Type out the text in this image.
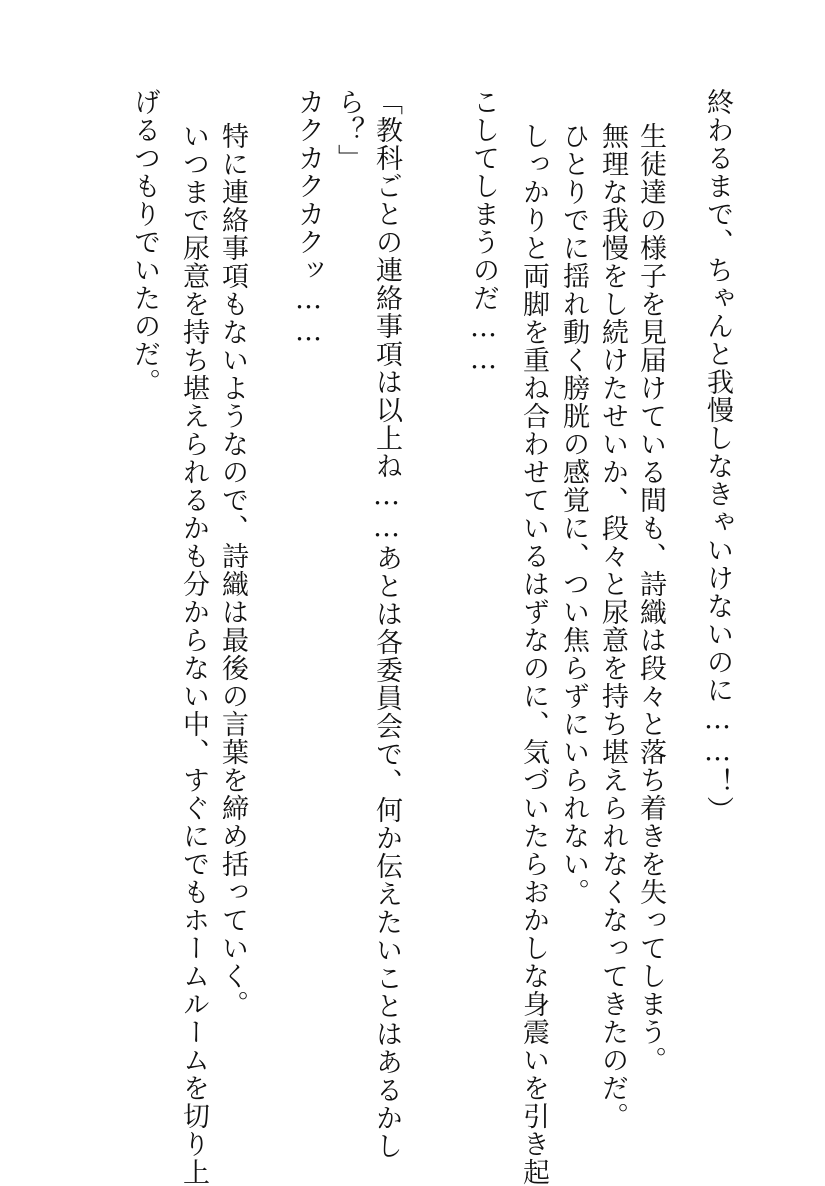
終わるまで、ちゃんと我慢しなきゃいけないのに……！）
生徒達の様子を見届けている間も、詩織は段々と落ち着きを失ってしまう。
無理な我慢をし続けたせいか、段々と尿意を持ち堪えられなくなってきたのだ。
ひとりでに揺れ動く膀胱の感覚に、つい焦らずにいられない。
しっかりと両脚を重ね合わせているはずなのに、気づいたらおかしな身震いを引き起
こしてしまうのだ……
「教科ごとの連絡事項は以上ね……あとは各委員会で、何か伝えたいことはあるかし
ら？」
カクカクカクッ……
特に連絡事項もないようなので、詩織は最後の言葉を締め括っていく。
いつまで尿意を持ち堪えられるかも分からない中、すぐにでもホームルームを切り上
げるつもりでいたのだ。
